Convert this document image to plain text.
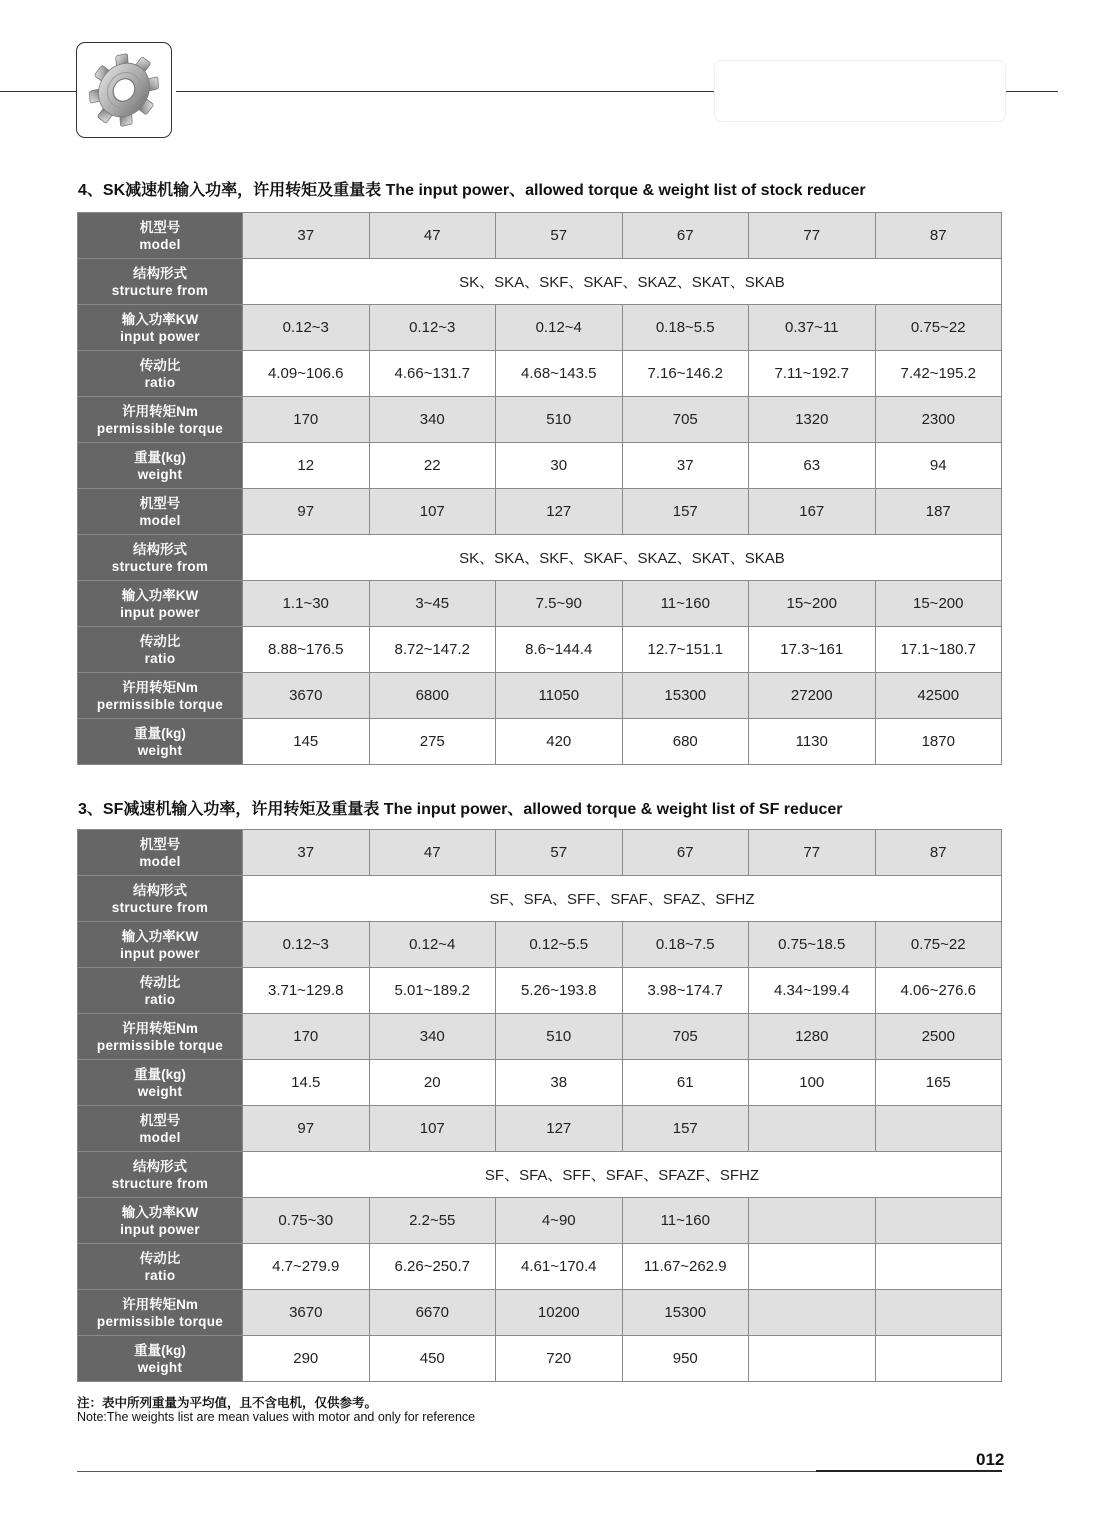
4、SK减速机输入功率，许用转矩及重量表 The input power、allowed torque & weight list of stock reducer
机型号
model	37	47	57	67	77	87

结构形式
structure from	SK、SKA、SKF、SKAF、SKAZ、SKAT、SKAB					

输入功率KW
input power	0.12~3	0.12~3	0.12~4	0.18~5.5	0.37~11	0.75~22

传动比
ratio	4.09~106.6	4.66~131.7	4.68~143.5	7.16~146.2	7.11~192.7	7.42~195.2

许用转矩Nm
permissible torque	170	340	510	705	1320	2300

重量(kg)
weight	12	22	30	37	63	94

机型号
model	97	107	127	157	167	187

结构形式
structure from	SK、SKA、SKF、SKAF、SKAZ、SKAT、SKAB					

输入功率KW
input power	1.1~30	3~45	7.5~90	11~160	15~200	15~200

传动比
ratio	8.88~176.5	8.72~147.2	8.6~144.4	12.7~151.1	17.3~161	17.1~180.7

许用转矩Nm
permissible torque	3670	6800	11050	15300	27200	42500

重量(kg)
weight	145	275	420	680	1130	1870
3、SF减速机输入功率，许用转矩及重量表 The input power、allowed torque & weight list of SF reducer
机型号
model	37	47	57	67	77	87

结构形式
structure from	SF、SFA、SFF、SFAF、SFAZ、SFHZ					

输入功率KW
input power	0.12~3	0.12~4	0.12~5.5	0.18~7.5	0.75~18.5	0.75~22

传动比
ratio	3.71~129.8	5.01~189.2	5.26~193.8	3.98~174.7	4.34~199.4	4.06~276.6

许用转矩Nm
permissible torque	170	340	510	705	1280	2500

重量(kg)
weight	14.5	20	38	61	100	165

机型号
model	97	107	127	157		

结构形式
structure from	SF、SFA、SFF、SFAF、SFAZF、SFHZ					

输入功率KW
input power	0.75~30	2.2~55	4~90	11~160		

传动比
ratio	4.7~279.9	6.26~250.7	4.61~170.4	11.67~262.9		

许用转矩Nm
permissible torque	3670	6670	10200	15300		

重量(kg)
weight	290	450	720	950		
注：表中所列重量为平均值，且不含电机，仅供参考。
Note:The weights list are mean values with motor and only for reference
012
